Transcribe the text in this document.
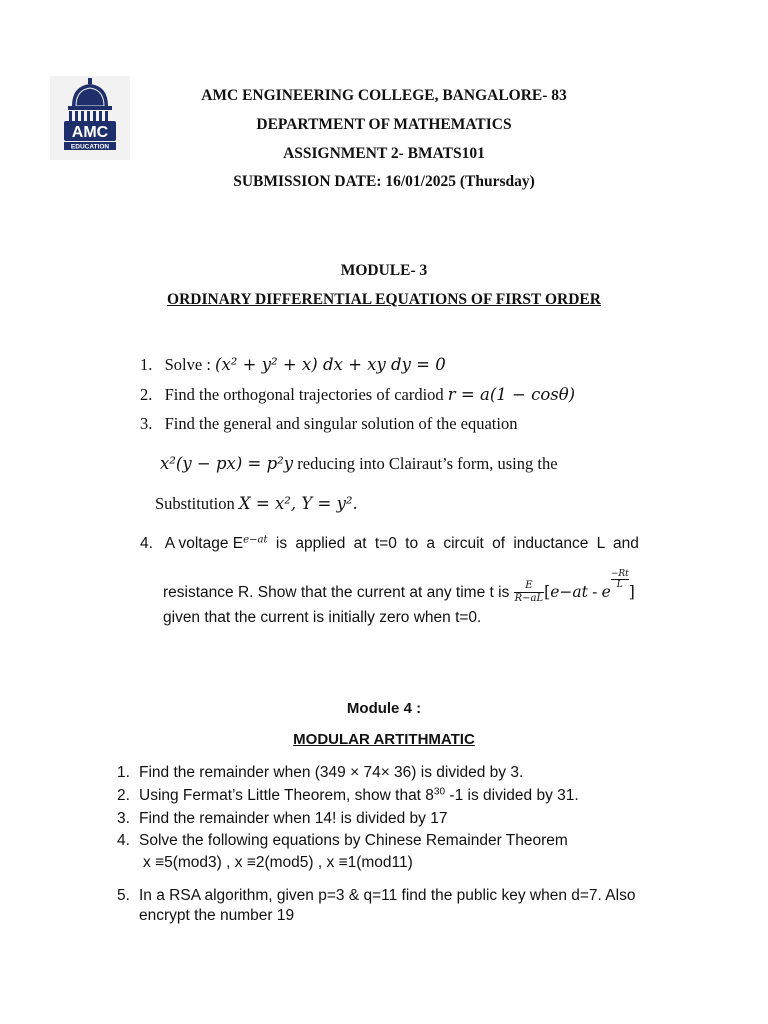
AMC
EDUCATION
AMC ENGINEERING COLLEGE, BANGALORE- 83
DEPARTMENT OF MATHEMATICS
ASSIGNMENT 2- BMATS101
SUBMISSION DATE: 16/01/2025 (Thursday)
MODULE- 3
ORDINARY DIFFERENTIAL EQUATIONS OF FIRST ORDER
1. Solve : (x² + y² + x) dx + xy dy = 0
2. Find the orthogonal trajectories of cardiod r = a(1 − cosθ)
3. Find the general and singular solution of the equation
x²(y − px) = p²y reducing into Clairaut’s form, using the
Substitution X = x², Y = y².
4. A voltage $E^{e-at}$ is applied at t=0 to a circuit of inductance L and
resistance R. Show that the current at any time t is $\frac{E}{R-aL} [e-at - e$
$\frac{-Rt}{L}$
]
given that the current is initially zero when t=0.
Module 4 :
MODULAR ARTITHMATIC
1. Find the remainder when (349 × 74× 36) is divided by 3.
2. Using Fermat’s Little Theorem, show that $8^{30}$ -1 is divided by 31.
3. Find the remainder when 14! is divided by 17
4. Solve the following equations by Chinese Remainder Theorem
x ≡5(mod3) , x ≡2(mod5) , x ≡1(mod11)
5. In a RSA algorithm, given p=3 & q=11 find the public key when d=7. Also
encrypt the number 19
